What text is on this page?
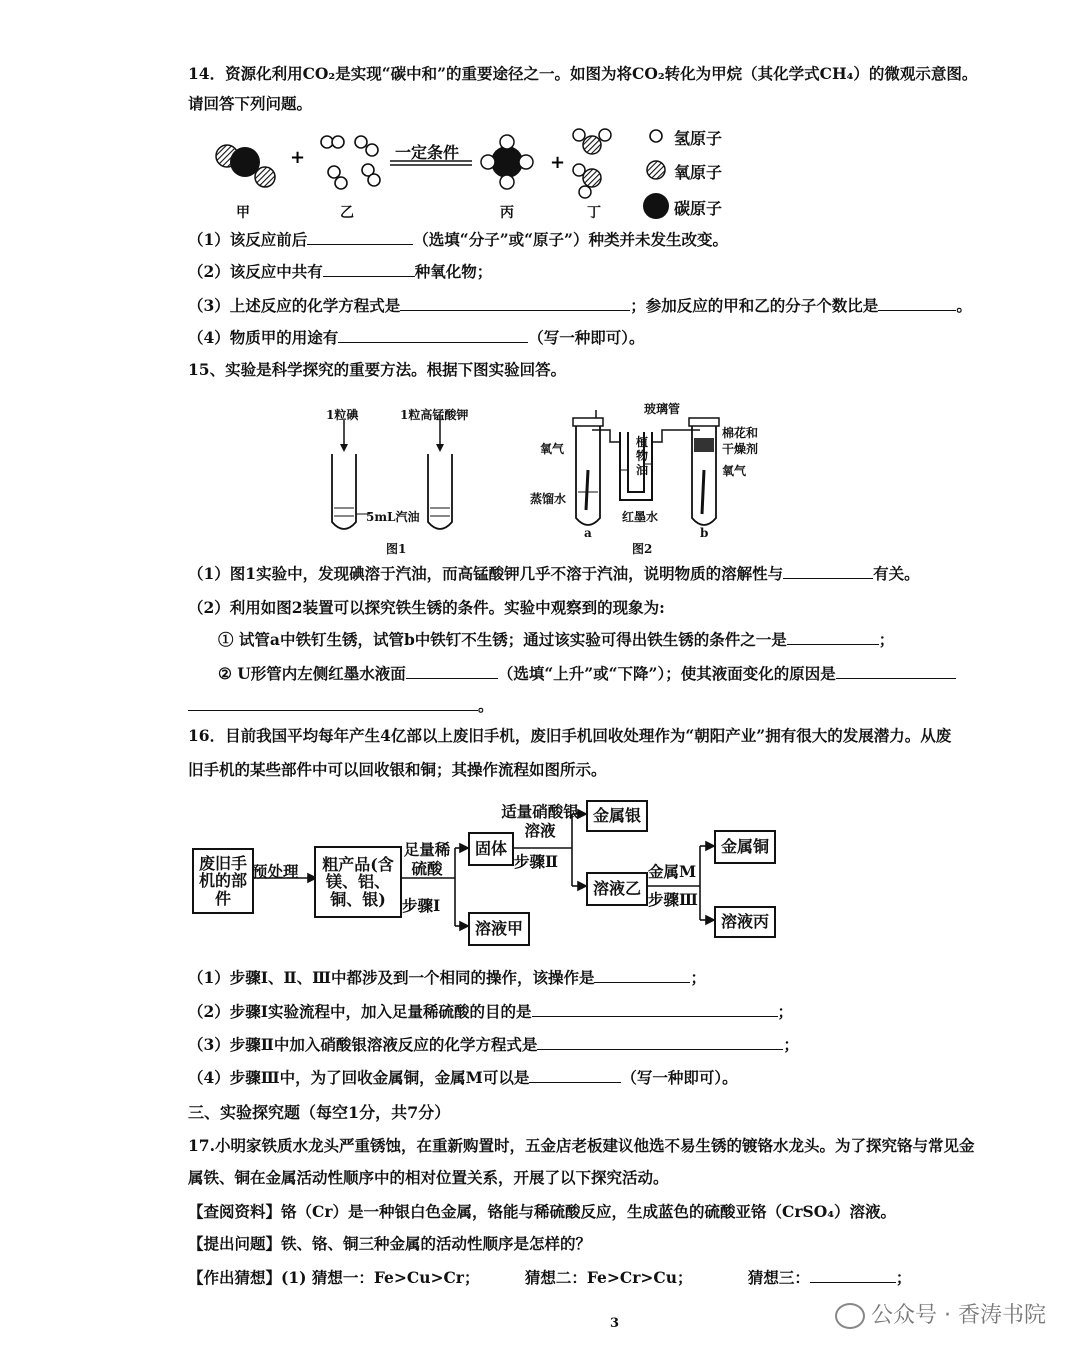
14．资源化利用CO₂是实现“碳中和”的重要途径之一。如图为将CO₂转化为甲烷（其化学式CH₄）的微观示意图。
请回答下列问题。
+	+
一定条件
甲	乙	丙	丁
氢原子
氧原子
碳原子
（1）该反应前后	（选填“分子”或“原子”）种类并未发生改变。
（2）该反应中共有	种氧化物；
（3）上述反应的化学方程式是	；参加反应的甲和乙的分子个数比是	。
（4）物质甲的用途有	（写一种即可）。
15、实验是科学探究的重要方法。根据下图实验回答。
1粒碘	1粒高锰酸钾
5mL汽油
图1
玻璃管
氧气	植物油
蒸馏水
棉花和干燥剂
氧气
红墨水
a	b
图2
（1）图1实验中，发现碘溶于汽油，而高锰酸钾几乎不溶于汽油，说明物质的溶解性与	有关。
（2）利用如图2装置可以探究铁生锈的条件。实验中观察到的现象为:
① 试管a中铁钉生锈，试管b中铁钉不生锈；通过该实验可得出铁生锈的条件之一是	；
② U形管内左侧红墨水液面	（选填“上升”或“下降”）；使其液面变化的原因是
。
16．目前我国平均每年产生4亿部以上废旧手机，废旧手机回收处理作为“朝阳产业”拥有很大的发展潜力。从废
旧手机的某些部件中可以回收银和铜；其操作流程如图所示。
废旧手机的部件
预处理	粗产品(含镁、铝、铜、银)
足量稀硫酸
步骤Ⅰ
固体
溶液甲
适量硝酸银溶液
步骤Ⅱ
金属银
溶液乙
金属M
步骤Ⅲ
金属铜
溶液丙
（1）步骤Ⅰ、Ⅱ、Ⅲ中都涉及到一个相同的操作，该操作是	；
（2）步骤Ⅰ实验流程中，加入足量稀硫酸的目的是	；
（3）步骤Ⅱ中加入硝酸银溶液反应的化学方程式是	；
（4）步骤Ⅲ中，为了回收金属铜，金属M可以是	（写一种即可）。
三、实验探究题（每空1分，共7分）
17.小明家铁质水龙头严重锈蚀，在重新购置时，五金店老板建议他选不易生锈的镀铬水龙头。为了探究铬与常见金
属铁、铜在金属活动性顺序中的相对位置关系，开展了以下探究活动。
【查阅资料】铬（Cr）是一种银白色金属，铬能与稀硫酸反应，生成蓝色的硫酸亚铬（CrSO₄）溶液。
【提出问题】铁、铬、铜三种金属的活动性顺序是怎样的？
【作出猜想】(1) 猜想一：Fe>Cu>Cr；	猜想二：Fe>Cr>Cu；	猜想三：	；
3	公众号 · 香涛书院
